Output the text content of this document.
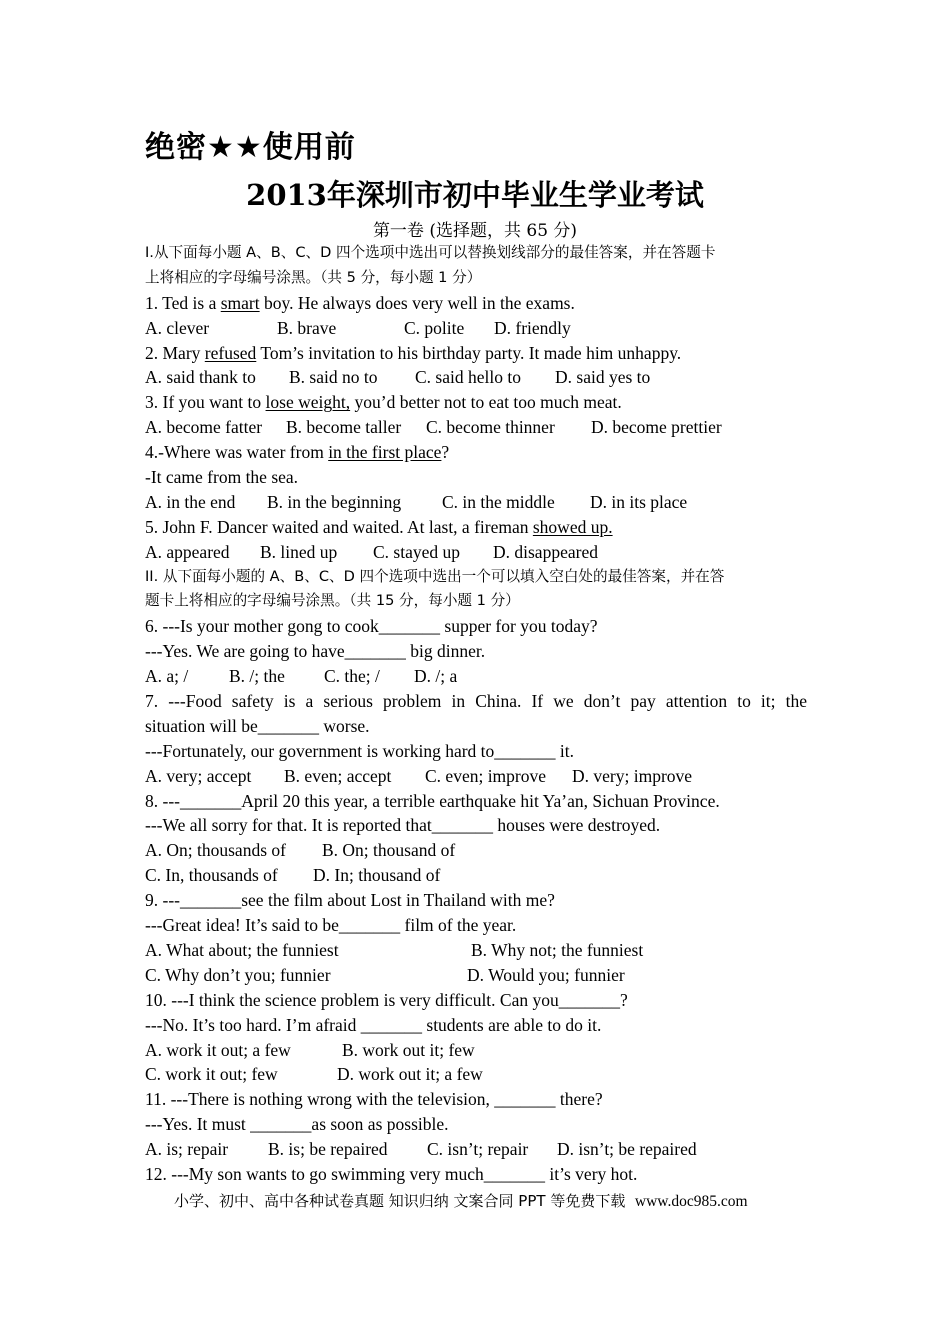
绝密★★使用前
2013年深圳市初中毕业生学业考试
第一卷 (选择题，共 65 分)
I.从下面每小题 A、B、C、D 四个选项中选出可以替换划线部分的最佳答案，并在答题卡
上将相应的字母编号涂黑。（共 5 分，每小题 1 分）
1. Ted is a smart boy. He always does very well in the exams.
A. clever	B. brave	C. polite D. friendly
2. Mary refused Tom’s invitation to his birthday party. It made him unhappy.
A. said thank to B. said no to C. said hello to D. said yes to
3. If you want to lose weight, you’d better not to eat too much meat.
A. become fatter B. become taller C. become thinner D. become prettier
4.-Where was water from in the first place?
-It came from the sea.
A. in the end B. in the beginning C. in the middle D. in its place
5. John F. Dancer waited and waited. At last, a fireman showed up.
A. appeared B. lined up C. stayed up D. disappeared
II. 从下面每小题的 A、B、C、D 四个选项中选出一个可以填入空白处的最佳答案，并在答
题卡上将相应的字母编号涂黑。（共 15 分，每小题 1 分）
6. ---Is your mother gong to cook_______ supper for you today?
---Yes. We are going to have_______ big dinner.
A. a; / B. /; the C. the; / D. /; a
7. ---Food safety is a serious problem in China. If we don’t pay attention to it; the
situation will be_______ worse.
---Fortunately, our government is working hard to_______ it.
A. very; accept B. even; accept C. even; improve D. very; improve
8. ---_______April 20 this year, a terrible earthquake hit Ya’an, Sichuan Province.
---We all sorry for that. It is reported that_______ houses were destroyed.
A. On; thousands of B. On; thousand of
C. In, thousands of D. In; thousand of
9. ---_______see the film about Lost in Thailand with me?
---Great idea! It’s said to be_______ film of the year.
A. What about; the funniest	B. Why not; the funniest
C. Why don’t you; funnier	D. Would you; funnier
10. ---I think the science problem is very difficult. Can you_______?
---No. It’s too hard. I’m afraid _______ students are able to do it.
A. work it out; a few	B. work out it; few
C. work it out; few	D. work out it; a few
11. ---There is nothing wrong with the television, _______ there?
---Yes. It must _______as soon as possible.
A. is; repair B. is; be repaired C. isn’t; repair D. isn’t; be repaired
12. ---My son wants to go swimming very much_______ it’s very hot.
小学、初中、高中各种试卷真题 知识归纳 文案合同 PPT 等免费下载 www.doc985.com
